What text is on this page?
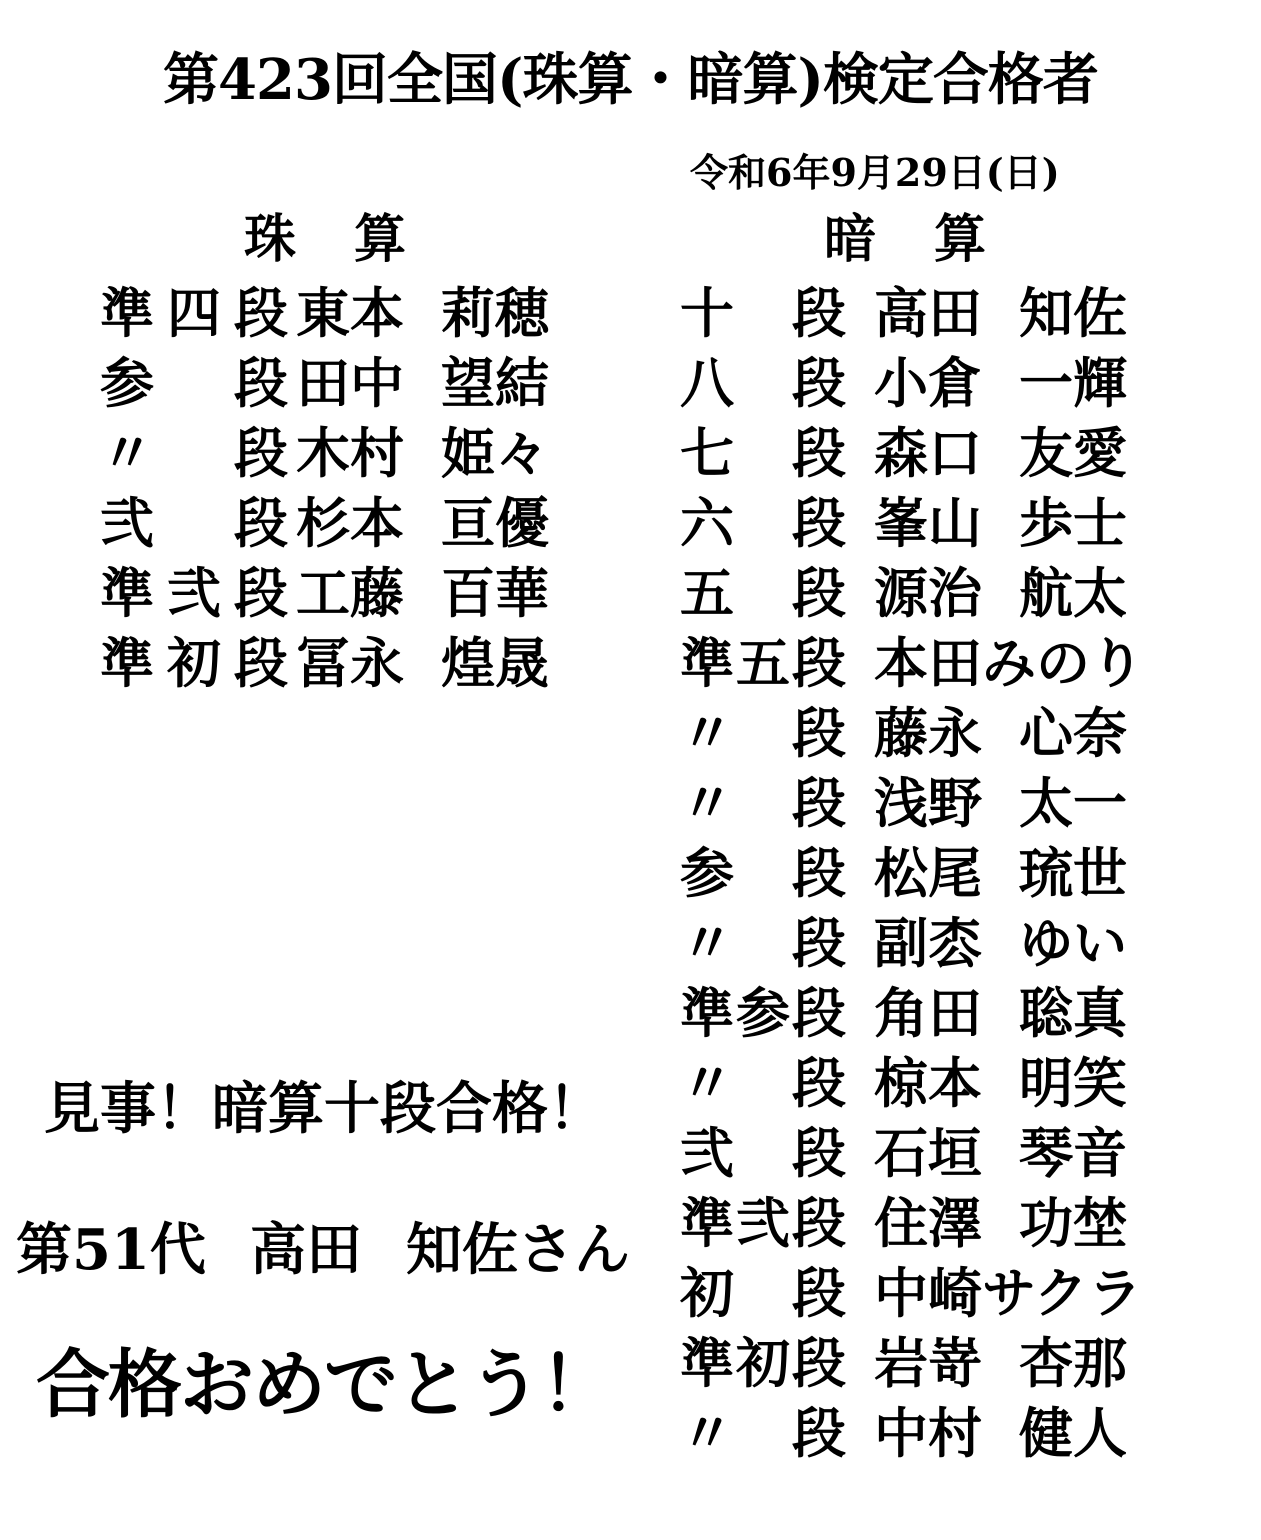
第423回全国(珠算・暗算)検定合格者
令和6年9月29日(日)
珠算	暗算
準 四 段 東本 莉穂
参 段 田中 望結
〃 段 木村 姫々
弐 段 杉本 亘優
準 弐 段 工藤 百華
準 初 段 冨永 煌晟
十 段 高田 知佐
八 段 小倉 一輝
七 段 森口 友愛
六 段 峯山 歩士
五 段 源治 航太
準 五 段 本田みのり
〃 段 藤永 心奈
〃 段 浅野 太一
参 段 松尾 琉世
〃 段 副枩 ゆい
準 参 段 角田 聡真
〃 段 椋本 明笑
弐 段 石垣 琴音
準 弐 段 住澤 功埜
初 段 中崎サクラ
準 初 段 岩嵜 杏那
〃 段 中村 健人
見事！暗算十段合格！
第51代 高田 知佐さん
合格おめでとう！
